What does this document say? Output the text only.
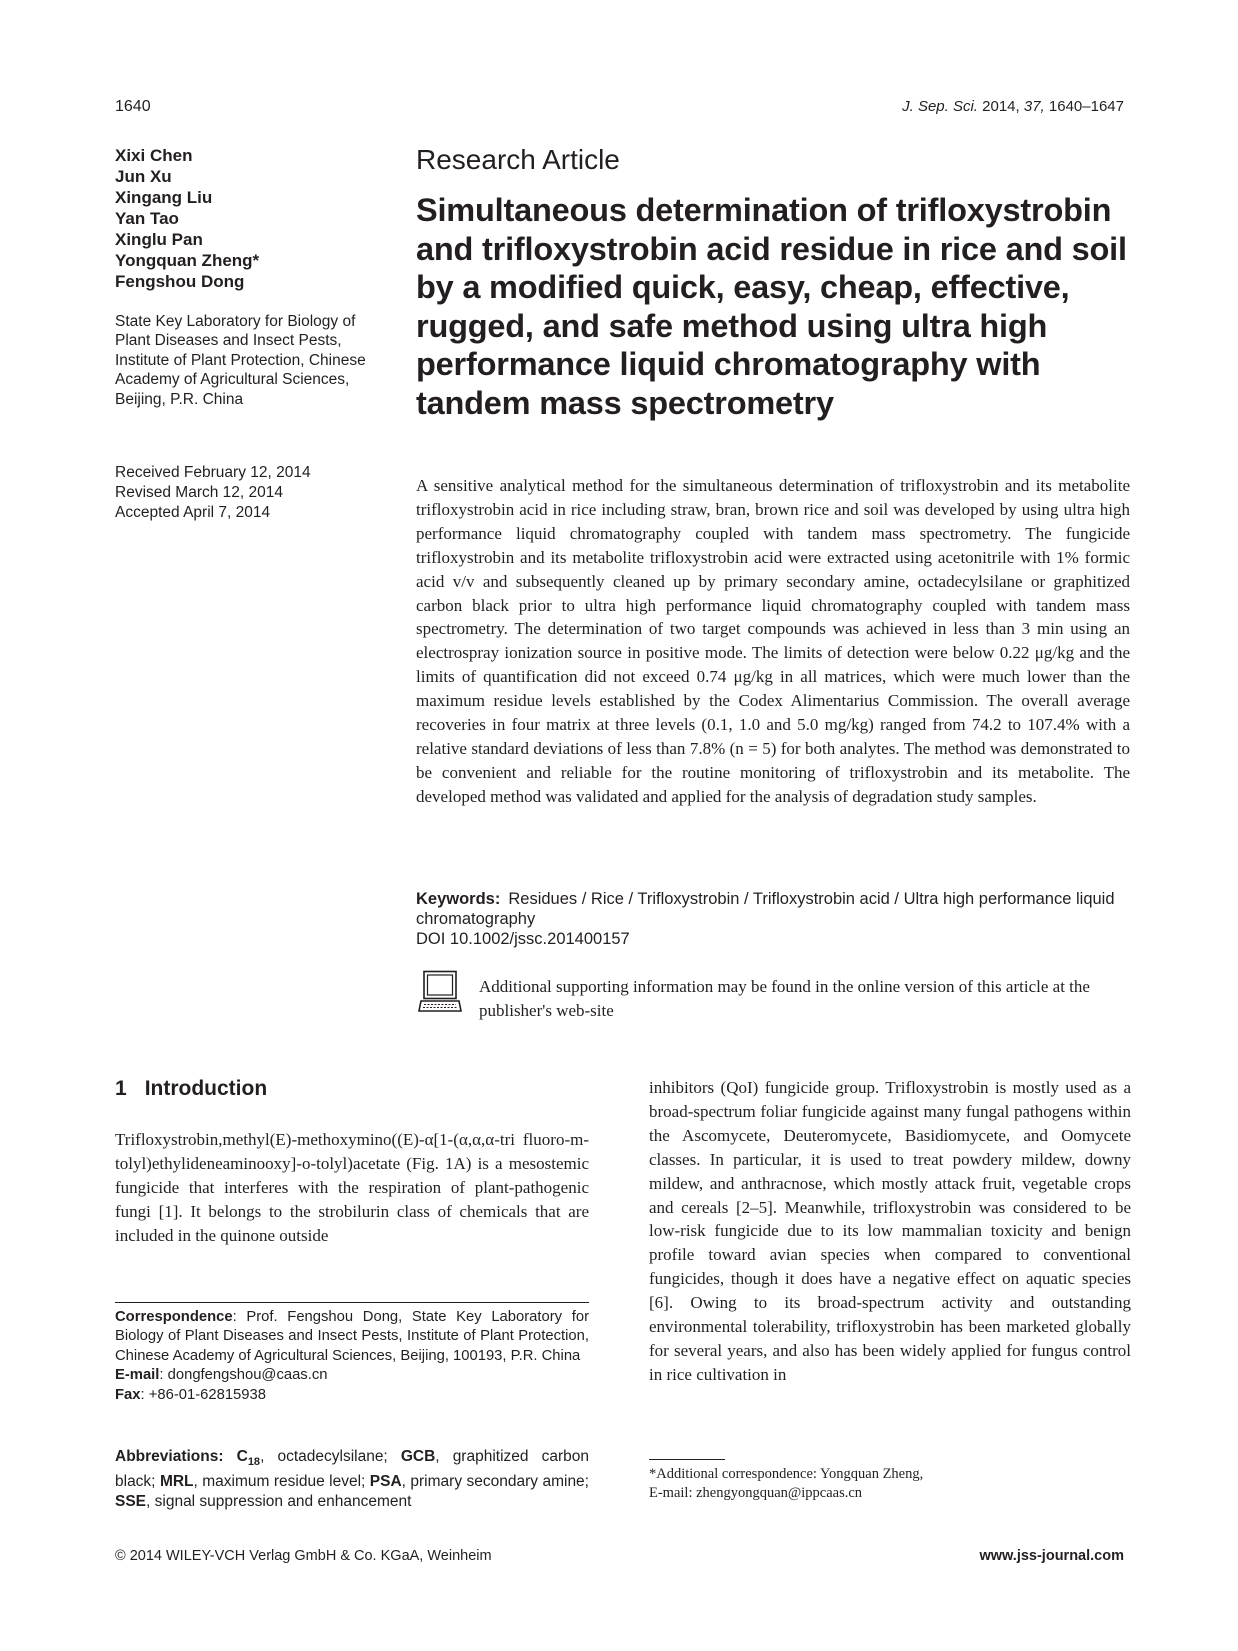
1640	J. Sep. Sci. 2014, 37, 1640–1647
Xixi Chen
Jun Xu
Xingang Liu
Yan Tao
Xinglu Pan
Yongquan Zheng*
Fengshou Dong
State Key Laboratory for Biology of Plant Diseases and Insect Pests, Institute of Plant Protection, Chinese Academy of Agricultural Sciences, Beijing, P.R. China
Received February 12, 2014
Revised March 12, 2014
Accepted April 7, 2014
Research Article
Simultaneous determination of trifloxystrobin and trifloxystrobin acid residue in rice and soil by a modified quick, easy, cheap, effective, rugged, and safe method using ultra high performance liquid chromatography with tandem mass spectrometry
A sensitive analytical method for the simultaneous determination of trifloxystrobin and its metabolite trifloxystrobin acid in rice including straw, bran, brown rice and soil was developed by using ultra high performance liquid chromatography coupled with tandem mass spectrometry. The fungicide trifloxystrobin and its metabolite trifloxystrobin acid were extracted using acetonitrile with 1% formic acid v/v and subsequently cleaned up by primary secondary amine, octadecylsilane or graphitized carbon black prior to ultra high performance liquid chromatography coupled with tandem mass spectrometry. The determination of two target compounds was achieved in less than 3 min using an electrospray ionization source in positive mode. The limits of detection were below 0.22 μg/kg and the limits of quantification did not exceed 0.74 μg/kg in all matrices, which were much lower than the maximum residue levels established by the Codex Alimentarius Commission. The overall average recoveries in four matrix at three levels (0.1, 1.0 and 5.0 mg/kg) ranged from 74.2 to 107.4% with a relative standard deviations of less than 7.8% (n = 5) for both analytes. The method was demonstrated to be convenient and reliable for the routine monitoring of trifloxystrobin and its metabolite. The developed method was validated and applied for the analysis of degradation study samples.
Keywords: Residues / Rice / Trifloxystrobin / Trifloxystrobin acid / Ultra high performance liquid chromatography
DOI 10.1002/jssc.201400157
Additional supporting information may be found in the online version of this article at the publisher's web-site
1 Introduction
Trifloxystrobin,methyl(E)-methoxymino((E)-α[1-(α,α,α-tri fluoro-m-tolyl)ethylideneaminooxy]-o-tolyl)acetate (Fig. 1A) is a mesostemic fungicide that interferes with the respiration of plant-pathogenic fungi [1]. It belongs to the strobilurin class of chemicals that are included in the quinone outside
inhibitors (QoI) fungicide group. Trifloxystrobin is mostly used as a broad-spectrum foliar fungicide against many fungal pathogens within the Ascomycete, Deuteromycete, Basidiomycete, and Oomycete classes. In particular, it is used to treat powdery mildew, downy mildew, and anthracnose, which mostly attack fruit, vegetable crops and cereals [2–5]. Meanwhile, trifloxystrobin was considered to be low-risk fungicide due to its low mammalian toxicity and benign profile toward avian species when compared to conventional fungicides, though it does have a negative effect on aquatic species [6]. Owing to its broad-spectrum activity and outstanding environmental tolerability, trifloxystrobin has been marketed globally for several years, and also has been widely applied for fungus control in rice cultivation in
Correspondence: Prof. Fengshou Dong, State Key Laboratory for Biology of Plant Diseases and Insect Pests, Institute of Plant Protection, Chinese Academy of Agricultural Sciences, Beijing, 100193, P.R. China
E-mail: dongfengshou@caas.cn
Fax: +86-01-62815938
Abbreviations: $C_{18}$, octadecylsilane; GCB, graphitized carbon black; MRL, maximum residue level; PSA, primary secondary amine; SSE, signal suppression and enhancement
*Additional correspondence: Yongquan Zheng,
E-mail: zhengyongquan@ippcaas.cn
© 2014 WILEY-VCH Verlag GmbH & Co. KGaA, Weinheim	www.jss-journal.com
